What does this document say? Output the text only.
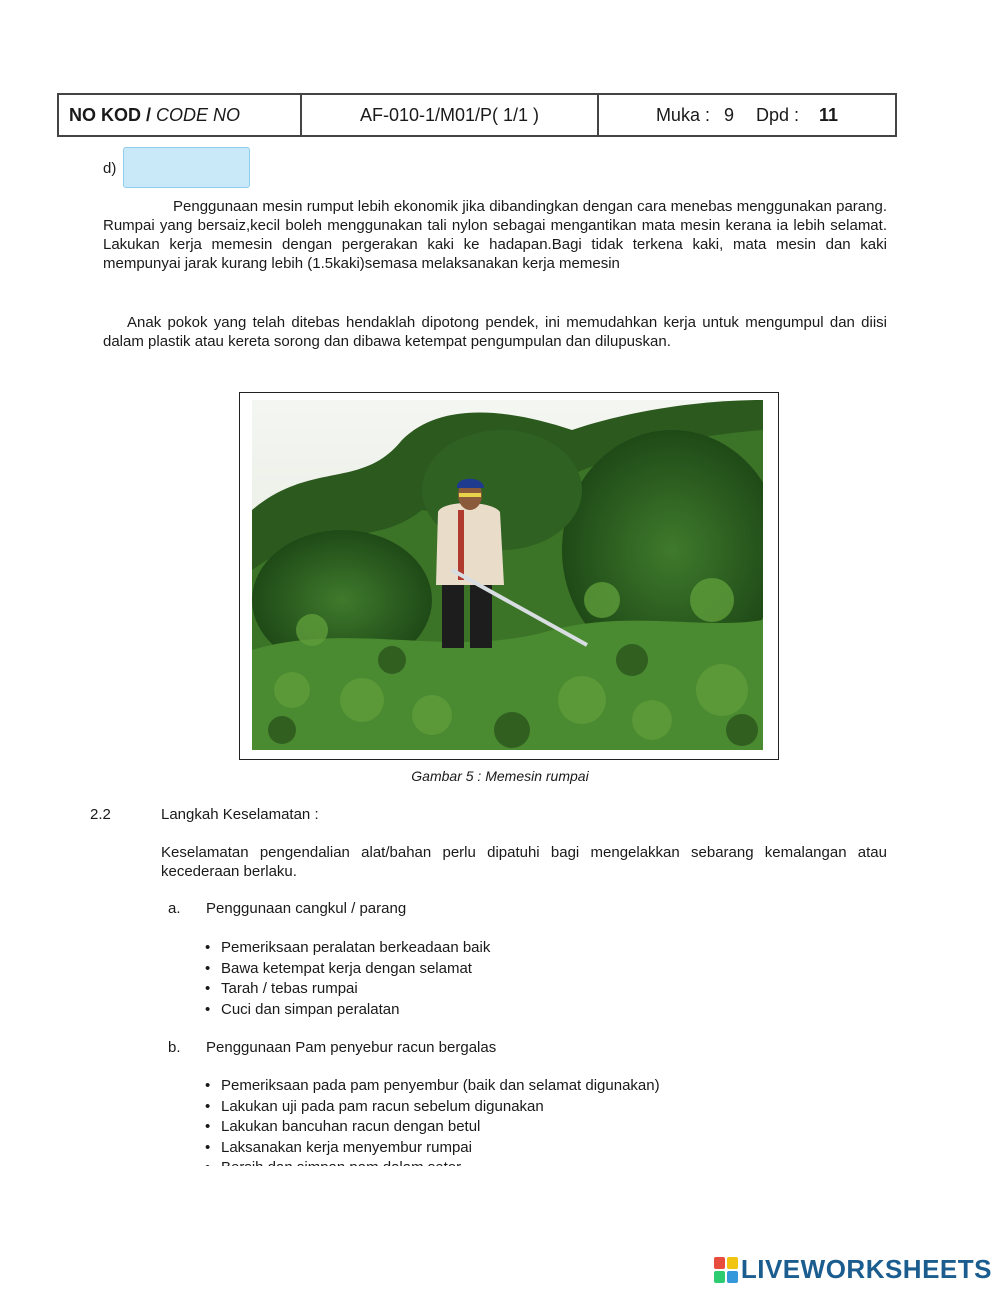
NO KOD / CODE NO	AF-010-1/M01/P( 1/1 )	Muka : 9 Dpd : 11
d)
Penggunaan mesin rumput lebih ekonomik jika dibandingkan dengan cara menebas menggunakan parang. Rumpai yang bersaiz,kecil boleh menggunakan tali nylon sebagai mengantikan mata mesin kerana ia lebih selamat. Lakukan kerja memesin dengan pergerakan kaki ke hadapan.Bagi tidak terkena kaki, mata mesin dan kaki mempunyai jarak kurang lebih (1.5kaki)semasa melaksanakan kerja memesin
Anak pokok yang telah ditebas hendaklah dipotong pendek, ini memudahkan kerja untuk mengumpul dan diisi dalam plastik atau kereta sorong dan dibawa ketempat pengumpulan dan dilupuskan.
Gambar 5 : Memesin rumpai
2.2	Langkah Keselamatan :
Keselamatan pengendalian alat/bahan perlu dipatuhi bagi mengelakkan sebarang kemalangan atau kecederaan berlaku.
a. Penggunaan cangkul / parang
• Pemeriksaan peralatan berkeadaan baik
• Bawa ketempat kerja dengan selamat
• Tarah / tebas rumpai
• Cuci dan simpan peralatan
b. Penggunaan Pam penyebur racun bergalas
• Pemeriksaan pada pam penyembur (baik dan selamat digunakan)
• Lakukan uji pada pam racun sebelum digunakan
• Lakukan bancuhan racun dengan betul
• Laksanakan kerja menyembur rumpai
•
LIVEWORKSHEETS
